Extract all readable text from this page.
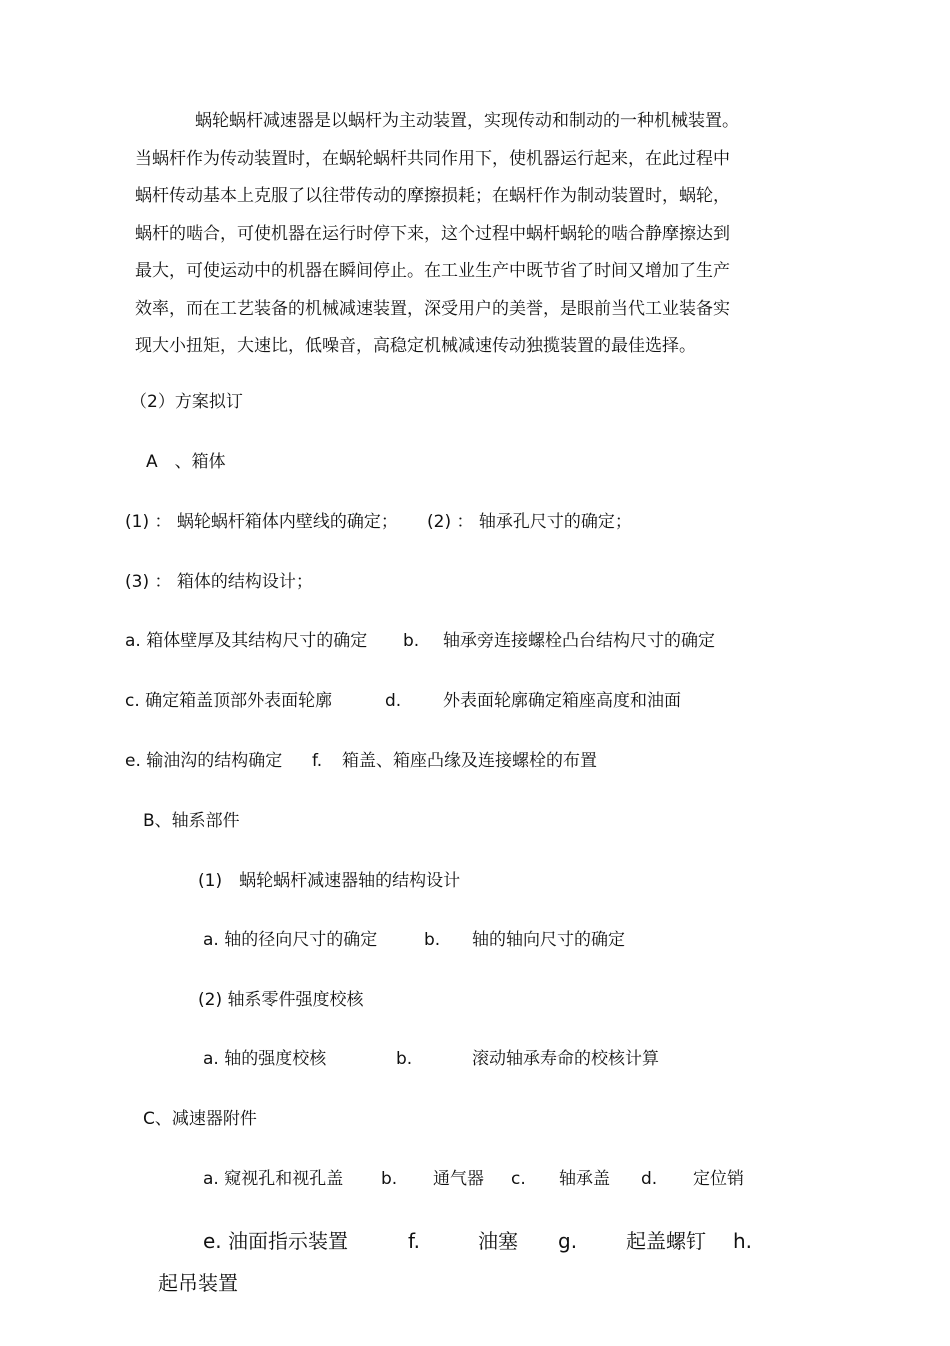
蜗轮蜗杆减速器是以蜗杆为主动装置，实现传动和制动的一种机械装置。
当蜗杆作为传动装置时，在蜗轮蜗杆共同作用下，使机器运行起来，在此过程中
蜗杆传动基本上克服了以往带传动的摩擦损耗；在蜗杆作为制动装置时，蜗轮，
蜗杆的啮合，可使机器在运行时停下来，这个过程中蜗杆蜗轮的啮合静摩擦达到
最大，可使运动中的机器在瞬间停止。在工业生产中既节省了时间又增加了生产
效率，而在工艺装备的机械减速装置，深受用户的美誉，是眼前当代工业装备实
现大小扭矩，大速比，低噪音，高稳定机械减速传动独揽装置的最佳选择。
（2）方案拟订
A　、箱体
(1) ： 蜗轮蜗杆箱体内壁线的确定； (2) ： 轴承孔尺寸的确定；
(3) ： 箱体的结构设计；
a. 箱体壁厚及其结构尺寸的确定 b. 轴承旁连接螺栓凸台结构尺寸的确定
c. 确定箱盖顶部外表面轮廓	d. 外表面轮廓确定箱座高度和油面
e. 输油沟的结构确定 f. 箱盖、箱座凸缘及连接螺栓的布置
B、轴系部件
(1)　蜗轮蜗杆减速器轴的结构设计
a. 轴的径向尺寸的确定	b. 轴的轴向尺寸的确定
(2) 轴系零件强度校核
a. 轴的强度校核	b.	滚动轴承寿命的校核计算
C、减速器附件
a. 窥视孔和视孔盖 b. 通气器 c. 轴承盖 d. 定位销
e. 油面指示装置	f.	油塞 g. 起盖螺钉 h.
起吊装置
